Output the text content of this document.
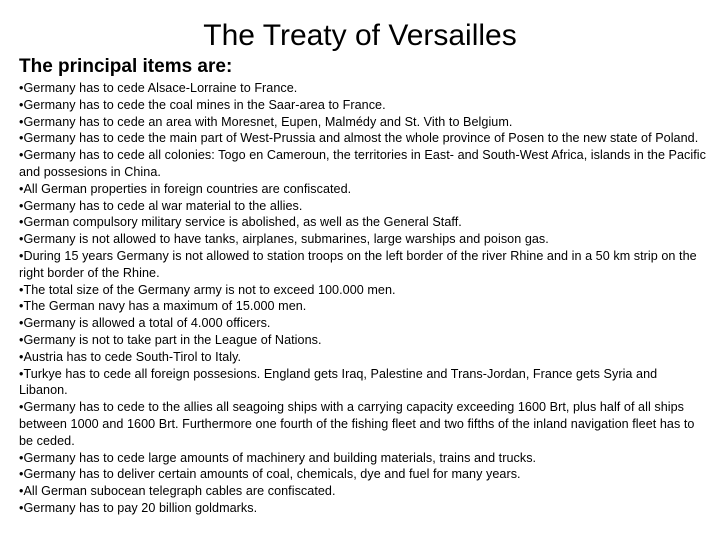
The Treaty of Versailles
The principal items are:
•Germany has to cede Alsace-Lorraine to France.
•Germany has to cede the coal mines in the Saar-area to France.
•Germany has to cede an area with Moresnet, Eupen, Malmédy and St. Vith to Belgium.
•Germany has to cede the main part of West-Prussia and almost the whole province of Posen to the new state of Poland.
•Germany has to cede all colonies: Togo en Cameroun, the territories in East- and South-West Africa, islands in the Pacific and possesions in China.
•All German properties in foreign countries are confiscated.
•Germany has to cede al war material to the allies.
•German compulsory military service is abolished, as well as the General Staff.
•Germany is not allowed to have tanks, airplanes, submarines, large warships and poison gas.
•During 15 years Germany is not allowed to station troops on the left border of the river Rhine and in a 50 km strip on the right border of the Rhine.
•The total size of the Germany army is not to exceed 100.000 men.
•The German navy has a maximum of 15.000 men.
•Germany is allowed a total of 4.000 officers.
•Germany is not to take part in the League of Nations.
•Austria has to cede South-Tirol to Italy.
•Turkye has to cede all foreign possesions. England gets Iraq, Palestine and Trans-Jordan, France gets Syria and Libanon.
•Germany has to cede to the allies all seagoing ships with a carrying capacity exceeding 1600 Brt, plus half of all ships between 1000 and 1600 Brt. Furthermore one fourth of the fishing fleet and two fifths of the inland navigation fleet has to be ceded.
•Germany has to cede large amounts of machinery and building materials, trains and trucks.
•Germany has to deliver certain amounts of coal, chemicals, dye and fuel for many years.
•All German subocean telegraph cables are confiscated.
•Germany has to pay 20 billion goldmarks.
